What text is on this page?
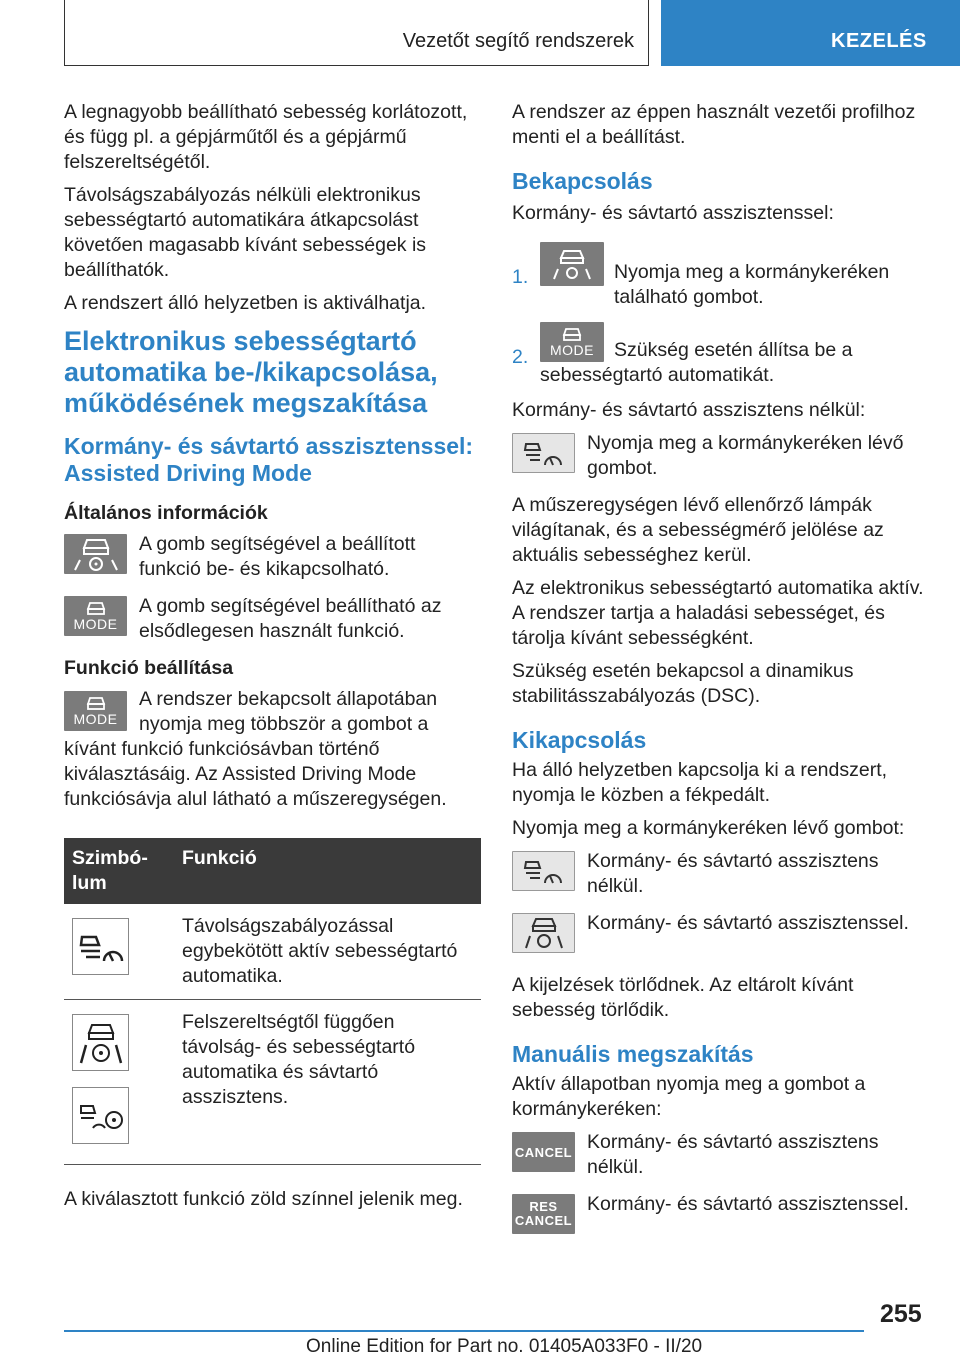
Vezetőt segítő rendszerek	KEZELÉS

A legnagyobb beállítható sebesség korlátozott, és függ pl. a gépjárműtől és a gépjármű felszereltségétől.

Távolságszabályozás nélküli elektronikus sebességtartó automatikára átkapcsolást követően magasabb kívánt sebességek is beállíthatók.

A rendszert álló helyzetben is aktiválhatja.

Elektronikus sebességtartó automatika be-/kikapcsolása, működésének megszakítása
Kormány- és sávtartó asszisztenssel: Assisted Driving Mode
Általános információk
A gomb segítségével a beállított funkció be- és kikapcsolható.
MODE
A gomb segítségével beállítható az elsődlegesen használt funkció.
Funkció beállítása
MODE

A rendszer bekapcsolt állapotában nyomja meg többször a gombot a kívánt funkció funkciósávban történő kiválasztásáig. Az Assisted Driving Mode funkciósávja alul látható a műszeregységen.

Szimbó-lum	Funkció

	Távolságszabályozással egybekötött aktív sebességtartó automatika.

	Felszereltségtől függően távolság- és sebességtartó automatika és sávtartó asszisztens.

A kiválasztott funkció zöld színnel jelenik meg.

A rendszer az éppen használt vezetői profilhoz menti el a beállítást.

Bekapcsolás

Kormány- és sávtartó asszisztenssel:

1.	Nyomja meg a kormánykeréken található gombot.
2. MODE	Szükség esetén állítsa be a sebességtartó automatikát.

Kormány- és sávtartó asszisztens nélkül:

Nyomja meg a kormánykeréken lévő gombot.

A műszeregységen lévő ellenőrző lámpák világítanak, és a sebességmérő jelölése az aktuális sebességhez kerül.

Az elektronikus sebességtartó automatika aktív. A rendszer tartja a haladási sebességet, és tárolja kívánt sebességként.

Szükség esetén bekapcsol a dinamikus stabilitásszabályozás (DSC).

Kikapcsolás

Ha álló helyzetben kapcsolja ki a rendszert, nyomja le közben a fékpedált.

Nyomja meg a kormánykeréken lévő gombot:

Kormány- és sávtartó asszisztens nélkül.
Kormány- és sávtartó asszisztenssel.

A kijelzések törlődnek. Az eltárolt kívánt sebesség törlődik.

Manuális megszakítás

Aktív állapotban nyomja meg a gombot a kormánykeréken:

CANCEL Kormány- és sávtartó asszisztens nélkül.
RES
CANCEL
Kormány- és sávtartó asszisztenssel.
255
Online Edition for Part no. 01405A033F0 - II/20
